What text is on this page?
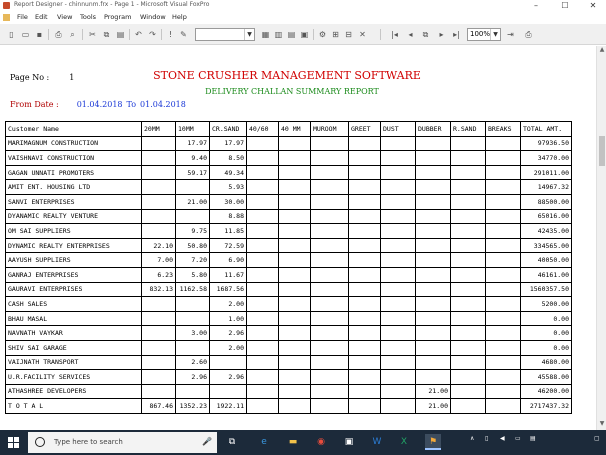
Report Designer - chinnunm.frx - Page 1 - Microsoft Visual FoxPro	–	☐	✕
File Edit View Tools Program Window Help
▯	▭ ▪	⎙	⌕	✂ ⧉ ▤ ↶ ↷	!	✎	▼ ▦ ▥ ▤ ▣ ⚙ ⊞ ⊟ ✕	|◂	◂	⧉	▸	▸|	100% ▼ ⇥ ⎙
Page No :	1	STONE CRUSHER MANAGEMENT SOFTWARE
DELIVERY CHALLAN SUMMARY REPORT
From Date : 01.04.2018 To 01.04.2018
Customer Name	20MM	10MM	CR.SAND	40/60	40 MM	MUROOM	GREET	DUST	DUBBER	R.SAND	BREAKS	TOTAL AMT.
MARIMAGNUM CONSTRUCTION		17.97	17.97									97936.50
VAISHNAVI CONSTRUCTION		9.40	8.50									34770.00
GAGAN UNNATI PROMOTERS		59.17	49.34									291011.00
AMIT ENT. HOUSING LTD			5.93									14967.32
SANVI ENTERPRISES		21.00	30.00									88500.00
DYANAMIC REALTY VENTURE			8.88									65016.00
OM SAI SUPPLIERS		9.75	11.85									42435.00
DYNAMIC REALTY ENTERPRISES	22.10	50.80	72.59									334565.00
AAYUSH SUPPLIERS	7.00	7.20	6.90									40050.00
GANRAJ ENTERPRISES	6.23	5.80	11.67									46161.00
GAURAVI ENTERPRISES	832.13	1162.58	1687.56									1560357.50
CASH SALES			2.00									5200.00
BHAU MASAL			1.00									0.00
NAVNATH VAYKAR		3.00	2.96									0.00
SHIV SAI GARAGE			2.00									0.00
VAIJNATH TRANSPORT		2.60										4680.00
U.R.FACILITY SERVICES		2.96	2.96									45588.00
ATHASHREE DEVELOPERS									21.00			46200.00
T O T A L	867.46	1352.23	1922.11						21.00			2717437.32
▲
▼
Type here to search	🎤	⧉	e	▬	◉	▣	W	X	⚑	∧ ▯ ◀ ▭ ▤	▢
